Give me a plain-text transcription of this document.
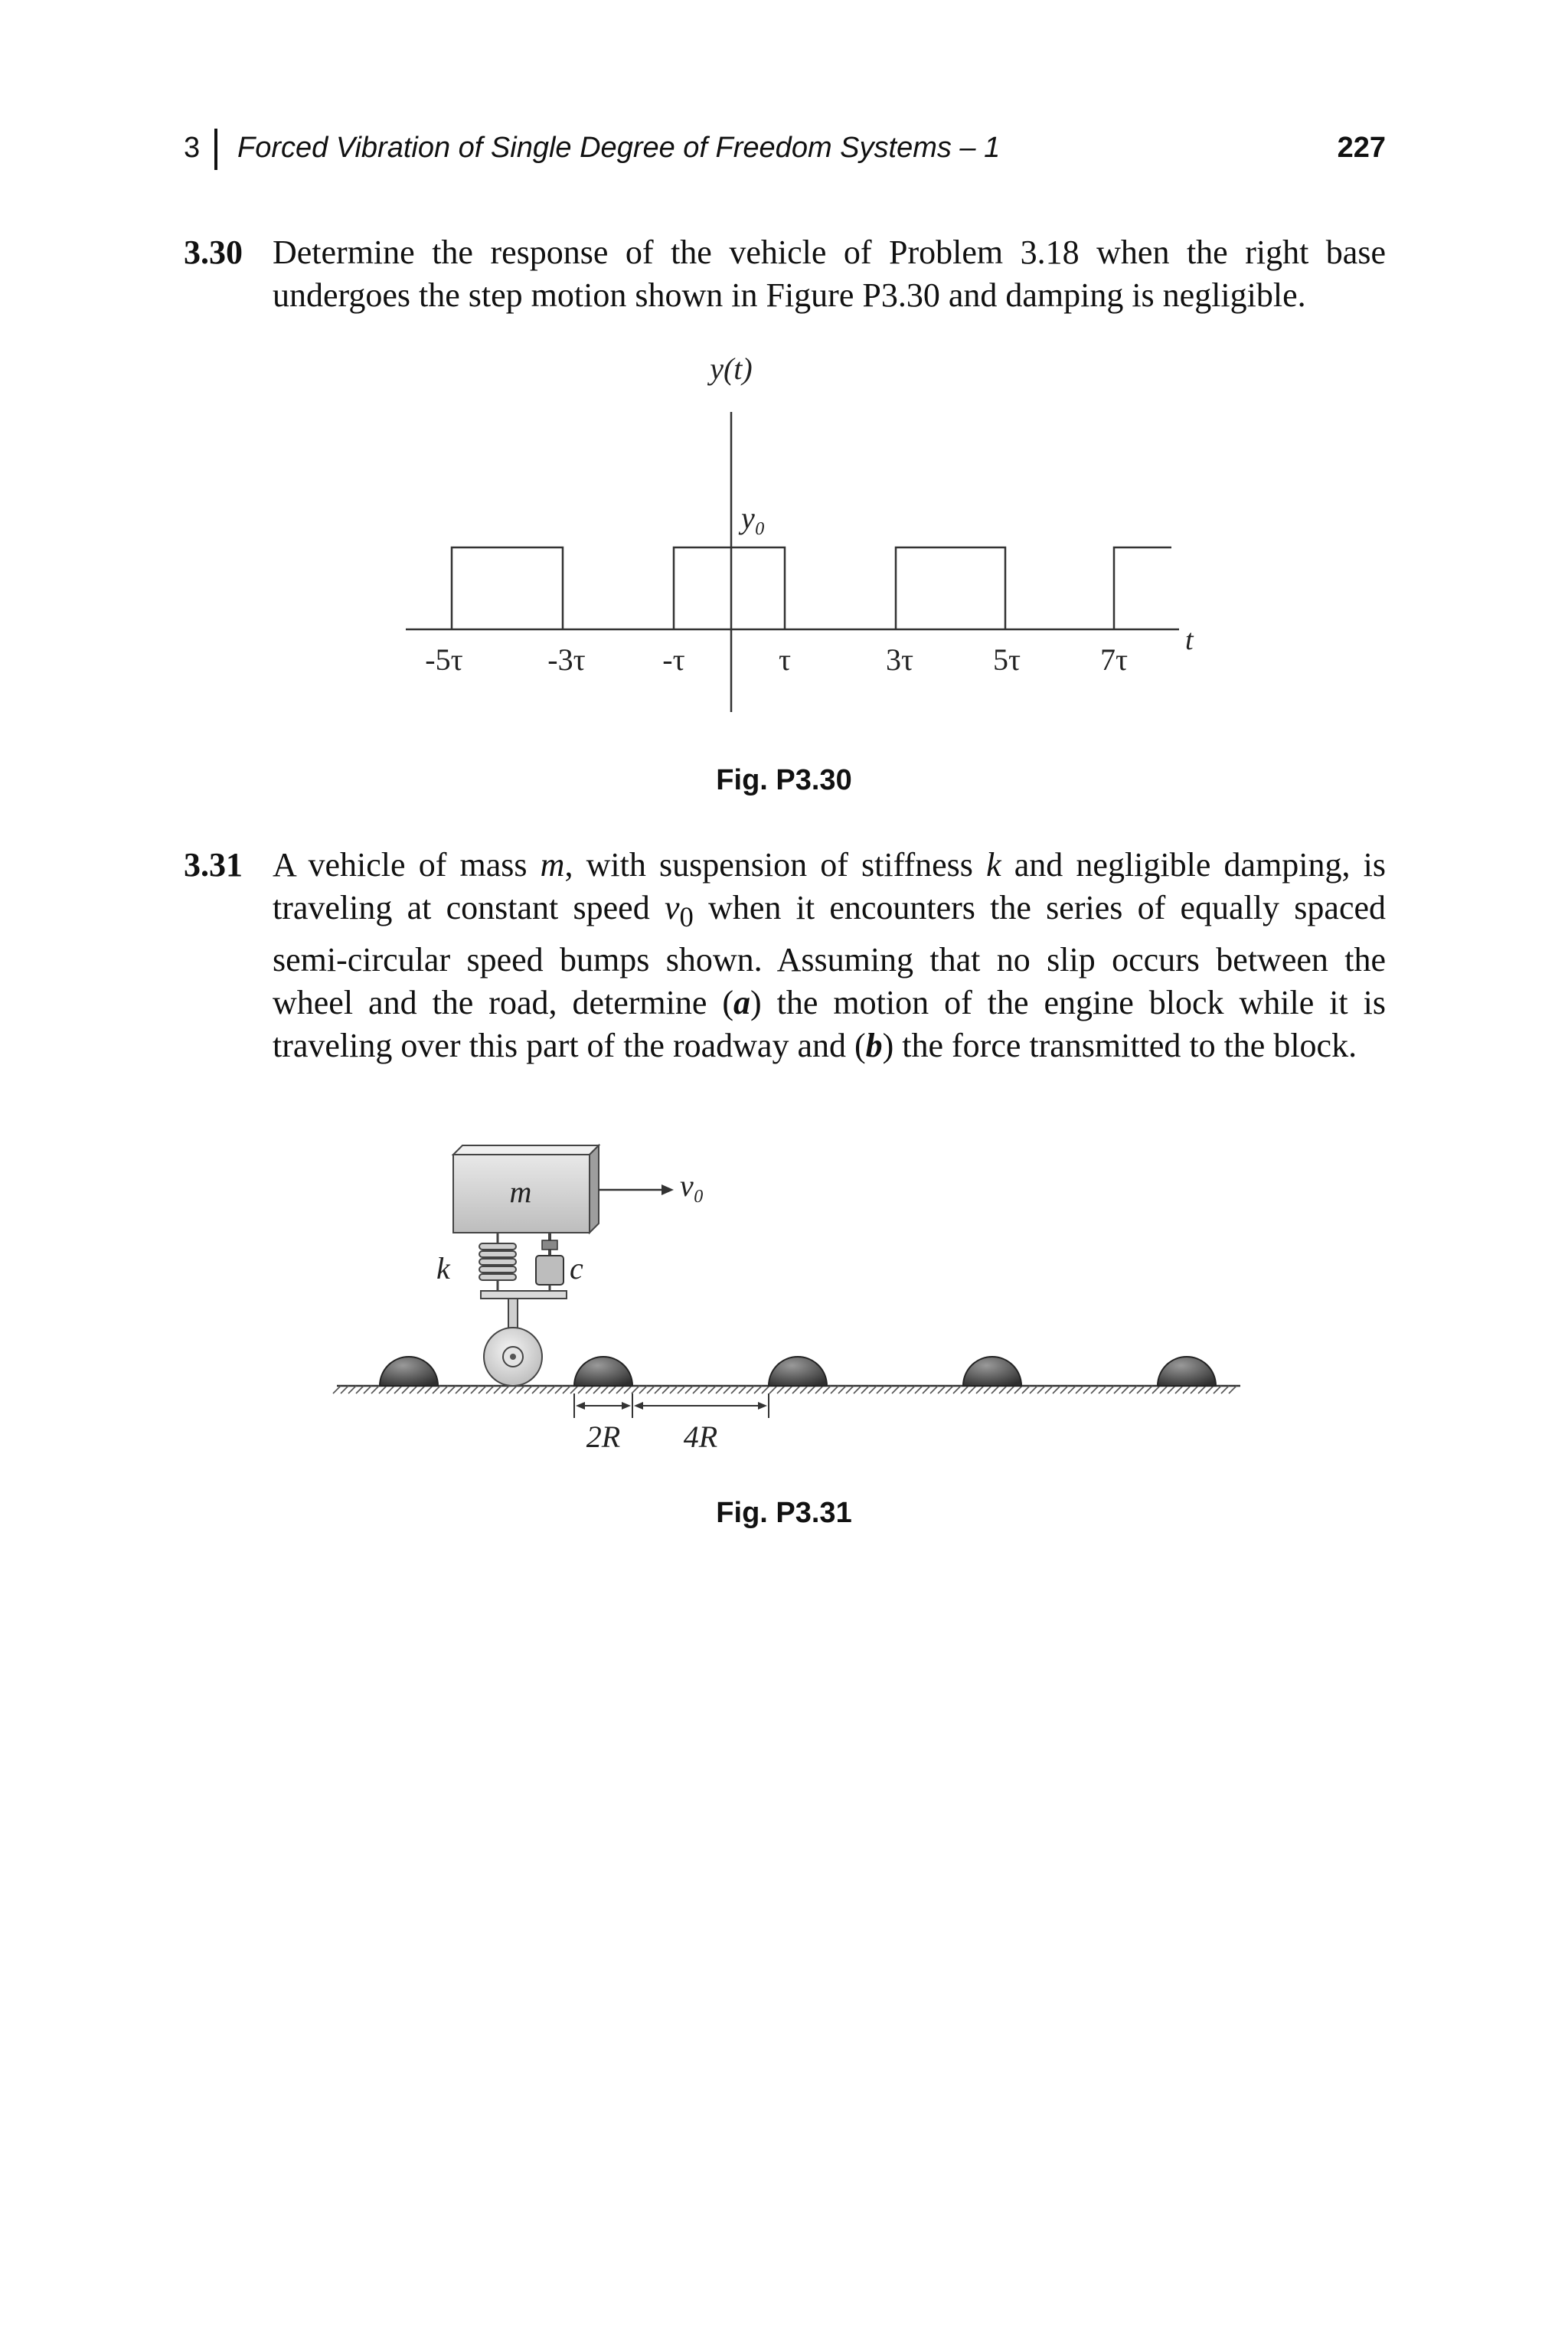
3 Forced Vibration of Single Degree of Freedom Systems – 1	227
3.30 Determine the response of the vehicle of Problem 3.18 when the right base undergoes the step motion shown in Figure P3.30 and damping is negligible.
y(t)
y₀
t
-5τ	-3τ	-τ	τ	3τ	5τ	7τ
Fig. P3.30
3.31 A vehicle of mass m, with suspension of stiffness k and negligible damping, is traveling at constant speed $v_0$ when it encounters the series of equally spaced semi-circular speed bumps shown. Assuming that no slip occurs between the wheel and the road, determine (a) the motion of the engine block while it is traveling over this part of the roadway and (b) the force transmitted to the block.
m	v₀
k	c
2R 4R
Fig. P3.31
